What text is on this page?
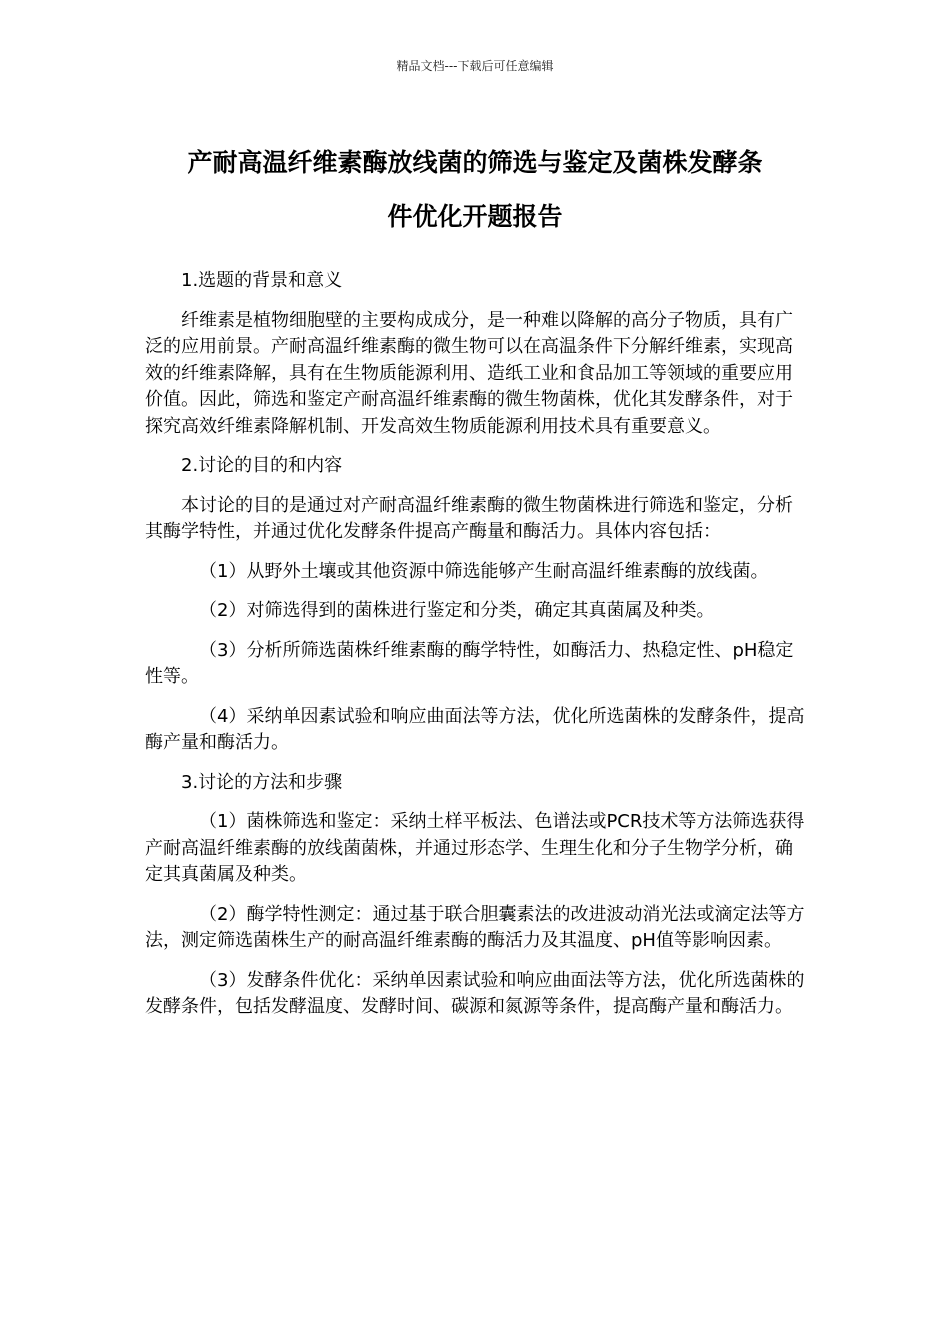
精品文档---下载后可任意编辑
产耐高温纤维素酶放线菌的筛选与鉴定及菌株发酵条
件优化开题报告

1.选题的背景和意义

纤维素是植物细胞壁的主要构成成分，是一种难以降解的高分子物质，具有广泛的应用前景。产耐高温纤维素酶的微生物可以在高温条件下分解纤维素，实现高效的纤维素降解，具有在生物质能源利用、造纸工业和食品加工等领域的重要应用价值。因此，筛选和鉴定产耐高温纤维素酶的微生物菌株，优化其发酵条件，对于探究高效纤维素降解机制、开发高效生物质能源利用技术具有重要意义。

2.讨论的目的和内容

本讨论的目的是通过对产耐高温纤维素酶的微生物菌株进行筛选和鉴定，分析其酶学特性，并通过优化发酵条件提高产酶量和酶活力。具体内容包括：

（1）从野外土壤或其他资源中筛选能够产生耐高温纤维素酶的放线菌。

（2）对筛选得到的菌株进行鉴定和分类，确定其真菌属及种类。

（3）分析所筛选菌株纤维素酶的酶学特性，如酶活力、热稳定性、pH稳定性等。

（4）采纳单因素试验和响应曲面法等方法，优化所选菌株的发酵条件，提高酶产量和酶活力。

3.讨论的方法和步骤

（1）菌株筛选和鉴定：采纳土样平板法、色谱法或PCR技术等方法筛选获得产耐高温纤维素酶的放线菌菌株，并通过形态学、生理生化和分子生物学分析，确定其真菌属及种类。

（2）酶学特性测定：通过基于联合胆囊素法的改进波动消光法或滴定法等方法，测定筛选菌株生产的耐高温纤维素酶的酶活力及其温度、pH值等影响因素。

（3）发酵条件优化：采纳单因素试验和响应曲面法等方法，优化所选菌株的发酵条件，包括发酵温度、发酵时间、碳源和氮源等条件，提高酶产量和酶活力。
